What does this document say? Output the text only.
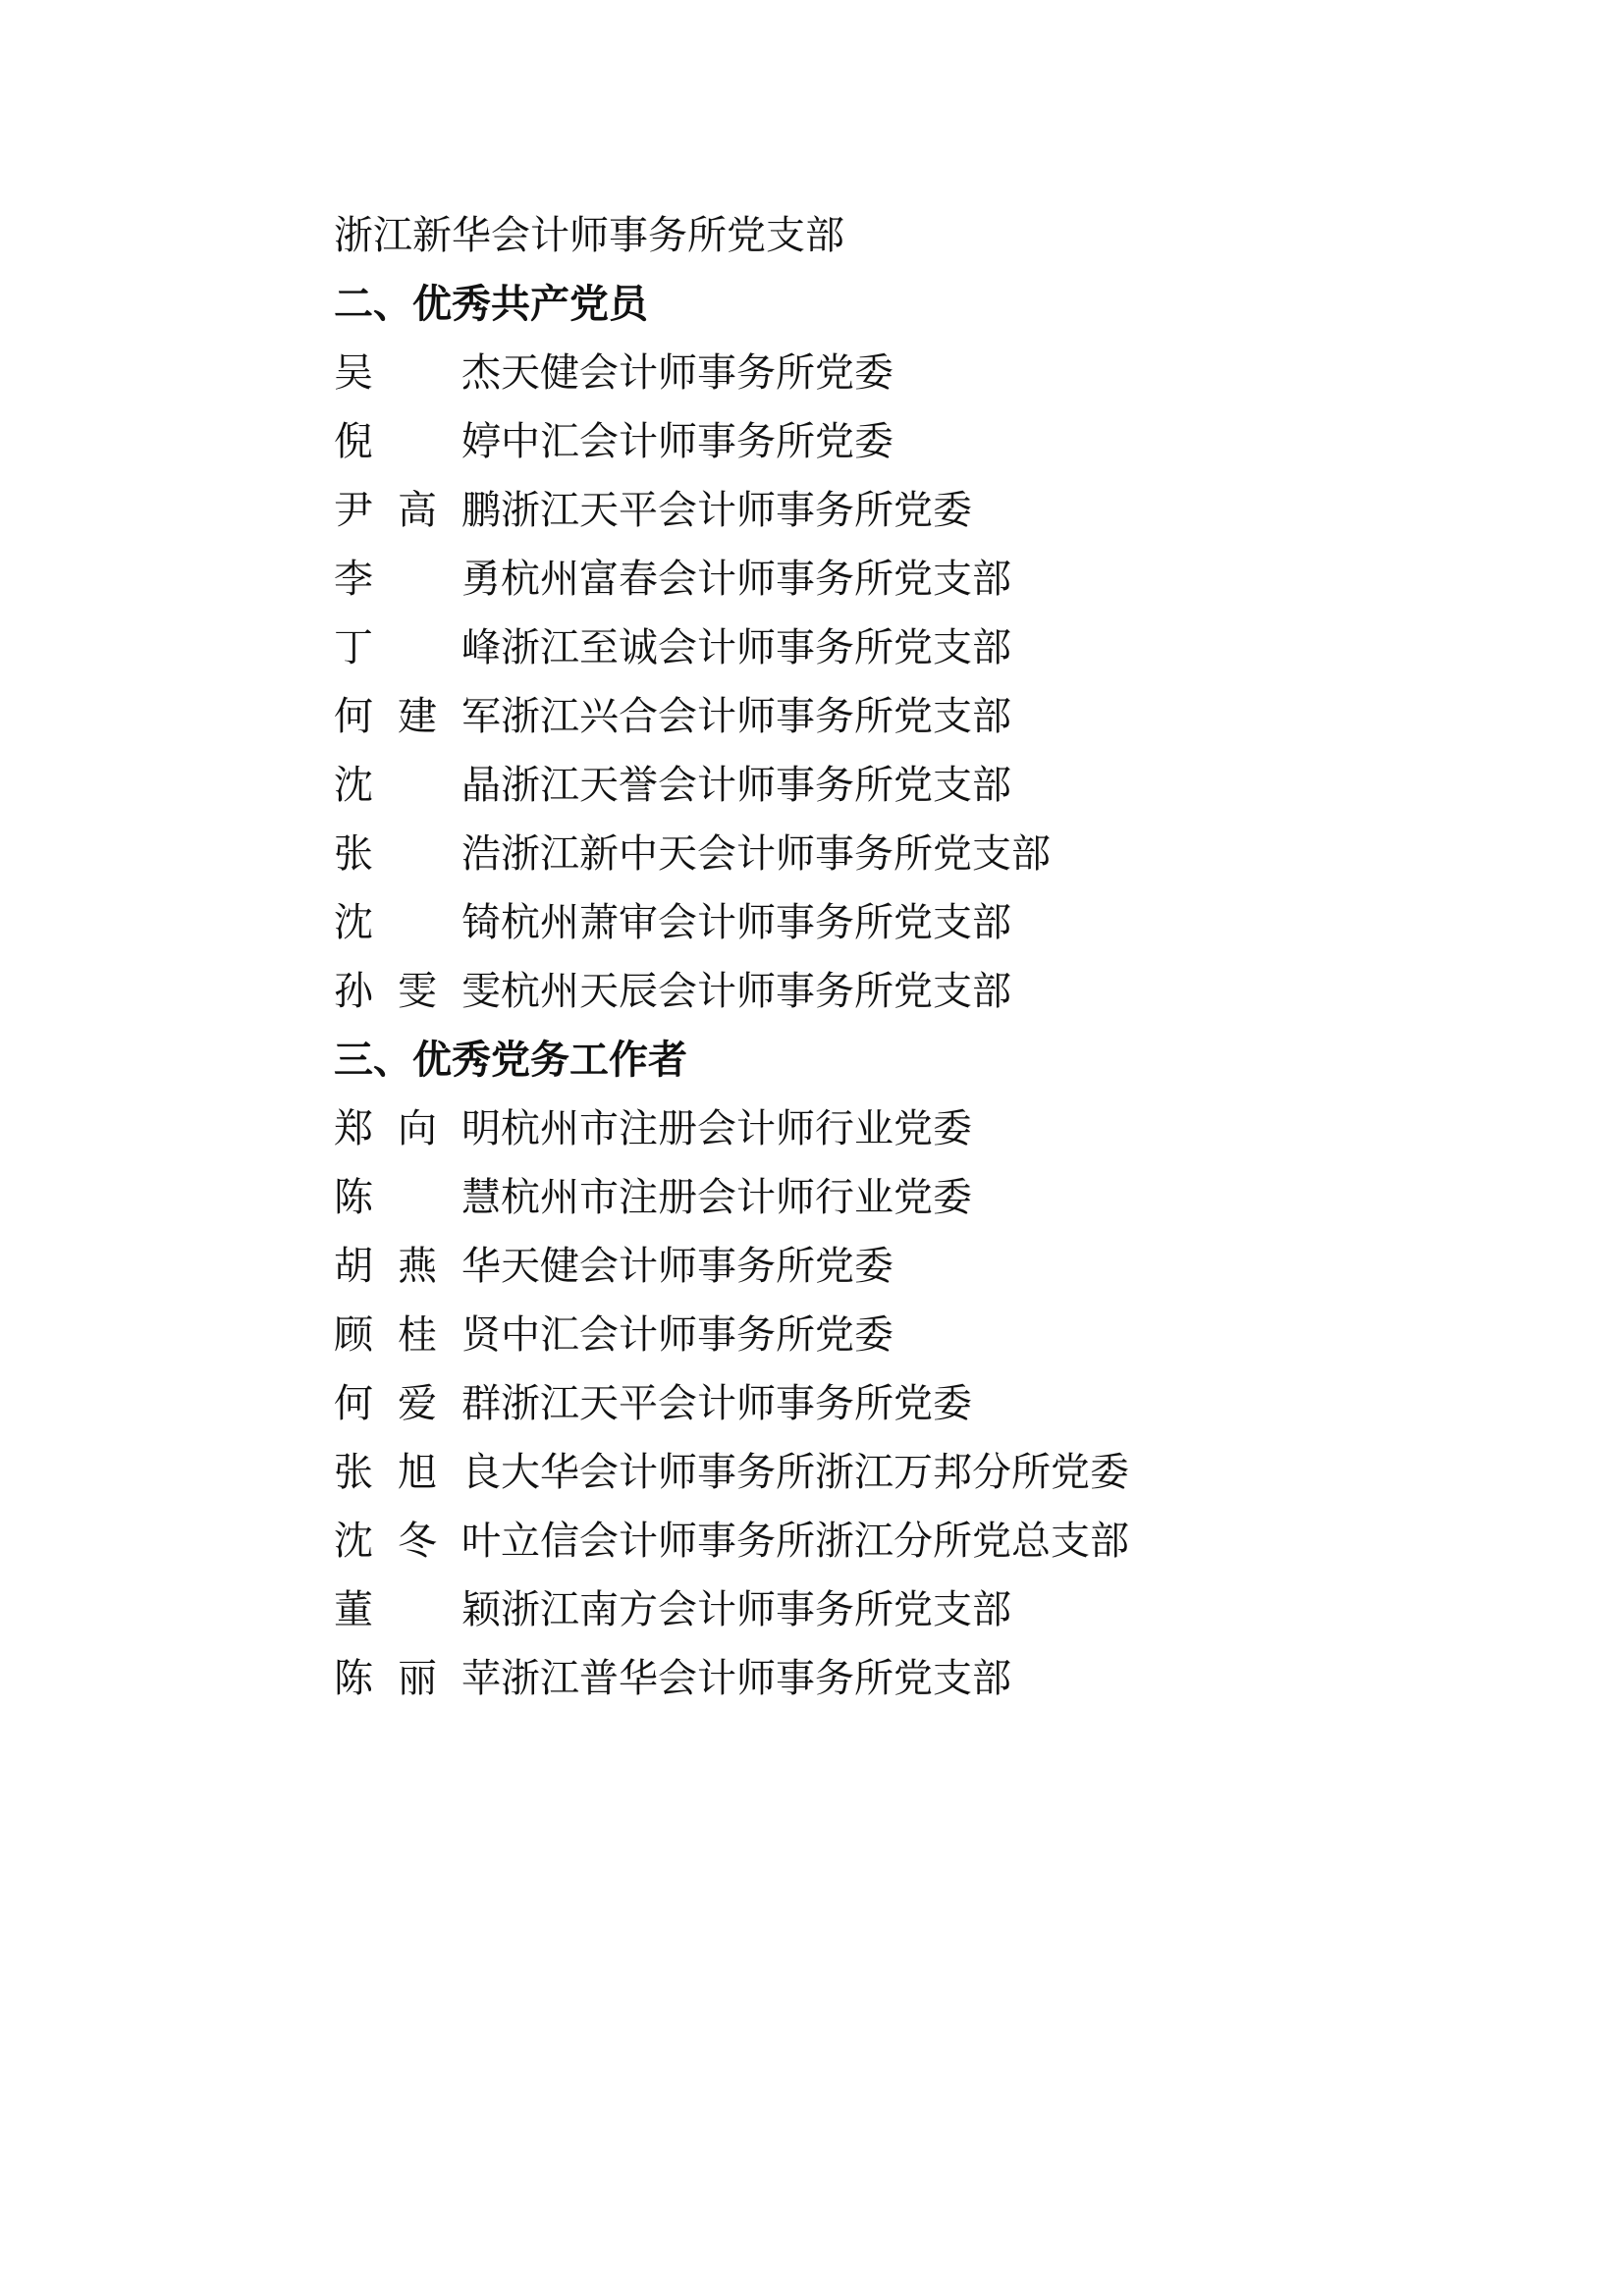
浙江新华会计师事务所党支部
二、优秀共产党员
吴 杰 天健会计师事务所党委
倪 婷 中汇会计师事务所党委
尹 高 鹏 浙江天平会计师事务所党委
李 勇 杭州富春会计师事务所党支部
丁 峰 浙江至诚会计师事务所党支部
何 建 军 浙江兴合会计师事务所党支部
沈 晶 浙江天誉会计师事务所党支部
张 浩 浙江新中天会计师事务所党支部
沈 锜 杭州萧审会计师事务所党支部
孙 雯 雯 杭州天辰会计师事务所党支部
三、优秀党务工作者
郑 向 明 杭州市注册会计师行业党委
陈 慧 杭州市注册会计师行业党委
胡 燕 华 天健会计师事务所党委
顾 桂 贤 中汇会计师事务所党委
何 爱 群 浙江天平会计师事务所党委
张 旭 良 大华会计师事务所浙江万邦分所党委
沈 冬 叶 立信会计师事务所浙江分所党总支部
董 颖 浙江南方会计师事务所党支部
陈 丽 苹 浙江普华会计师事务所党支部
